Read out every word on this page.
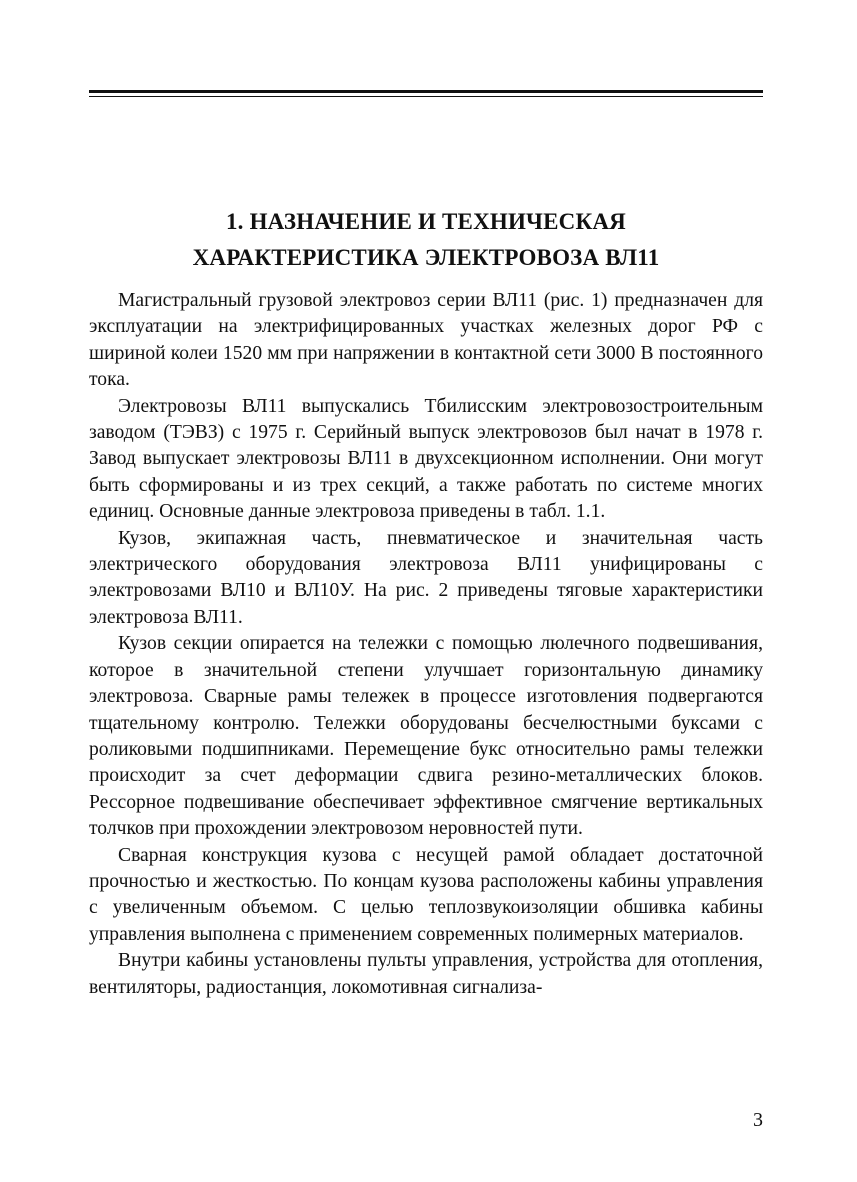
1. НАЗНАЧЕНИЕ И ТЕХНИЧЕСКАЯ
ХАРАКТЕРИСТИКА ЭЛЕКТРОВОЗА ВЛ11

Магистральный грузовой электровоз серии ВЛ11 (рис. 1) предназначен для эксплуатации на электрифицированных участках железных дорог РФ с шириной колеи 1520 мм при напряжении в контактной сети 3000 В постоянного тока.

Электровозы ВЛ11 выпускались Тбилисским электровозостроительным заводом (ТЭВЗ) с 1975 г. Серийный выпуск электровозов был начат в 1978 г. Завод выпускает электровозы ВЛ11 в двухсекционном исполнении. Они могут быть сформированы и из трех секций, а также работать по системе многих единиц. Основные данные электровоза приведены в табл. 1.1.

Кузов, экипажная часть, пневматическое и значительная часть электрического оборудования электровоза ВЛ11 унифицированы с электровозами ВЛ10 и ВЛ10У. На рис. 2 приведены тяговые характеристики электровоза ВЛ11.

Кузов секции опирается на тележки с помощью люлечного подвешивания, которое в значительной степени улучшает горизонтальную динамику электровоза. Сварные рамы тележек в процессе изготовления подвергаются тщательному контролю. Тележки оборудованы бесчелюстными буксами с роликовыми подшипниками. Перемещение букс относительно рамы тележки происходит за счет деформации сдвига резино-металлических блоков. Рессорное подвешивание обеспечивает эффективное смягчение вертикальных толчков при прохождении электровозом неровностей пути.

Сварная конструкция кузова с несущей рамой обладает достаточной прочностью и жесткостью. По концам кузова расположены кабины управления с увеличенным объемом. С целью теплозвукоизоляции обшивка кабины управления выполнена с применением современных полимерных материалов.

Внутри кабины установлены пульты управления, устройства для отопления, вентиляторы, радиостанция, локомотивная сигнализа-

3
